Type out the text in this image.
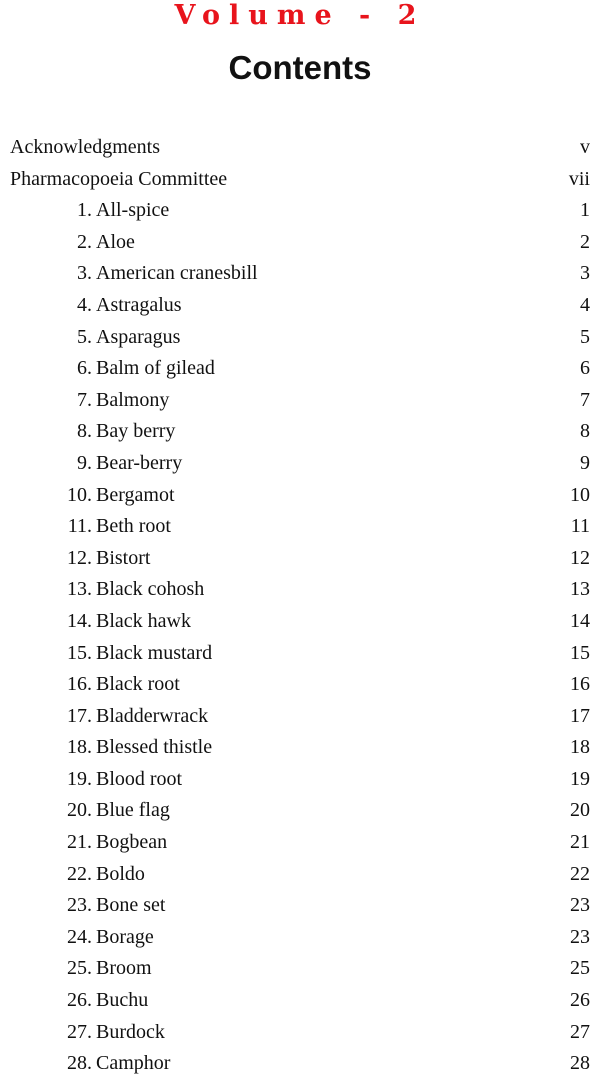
Volume - 2
Contents
Acknowledgments	v
Pharmacopoeia Committee	vii
1. All-spice	1
2. Aloe	2
3. American cranesbill	3
4. Astragalus	4
5. Asparagus	5
6. Balm of gilead	6
7. Balmony	7
8. Bay berry	8
9. Bear-berry	9
10. Bergamot	10
11. Beth root	11
12. Bistort	12
13. Black cohosh	13
14. Black hawk	14
15. Black mustard	15
16. Black root	16
17. Bladderwrack	17
18. Blessed thistle	18
19. Blood root	19
20. Blue flag	20
21. Bogbean	21
22. Boldo	22
23. Bone set	23
24. Borage	23
25. Broom	25
26. Buchu	26
27. Burdock	27
28. Camphor	28
